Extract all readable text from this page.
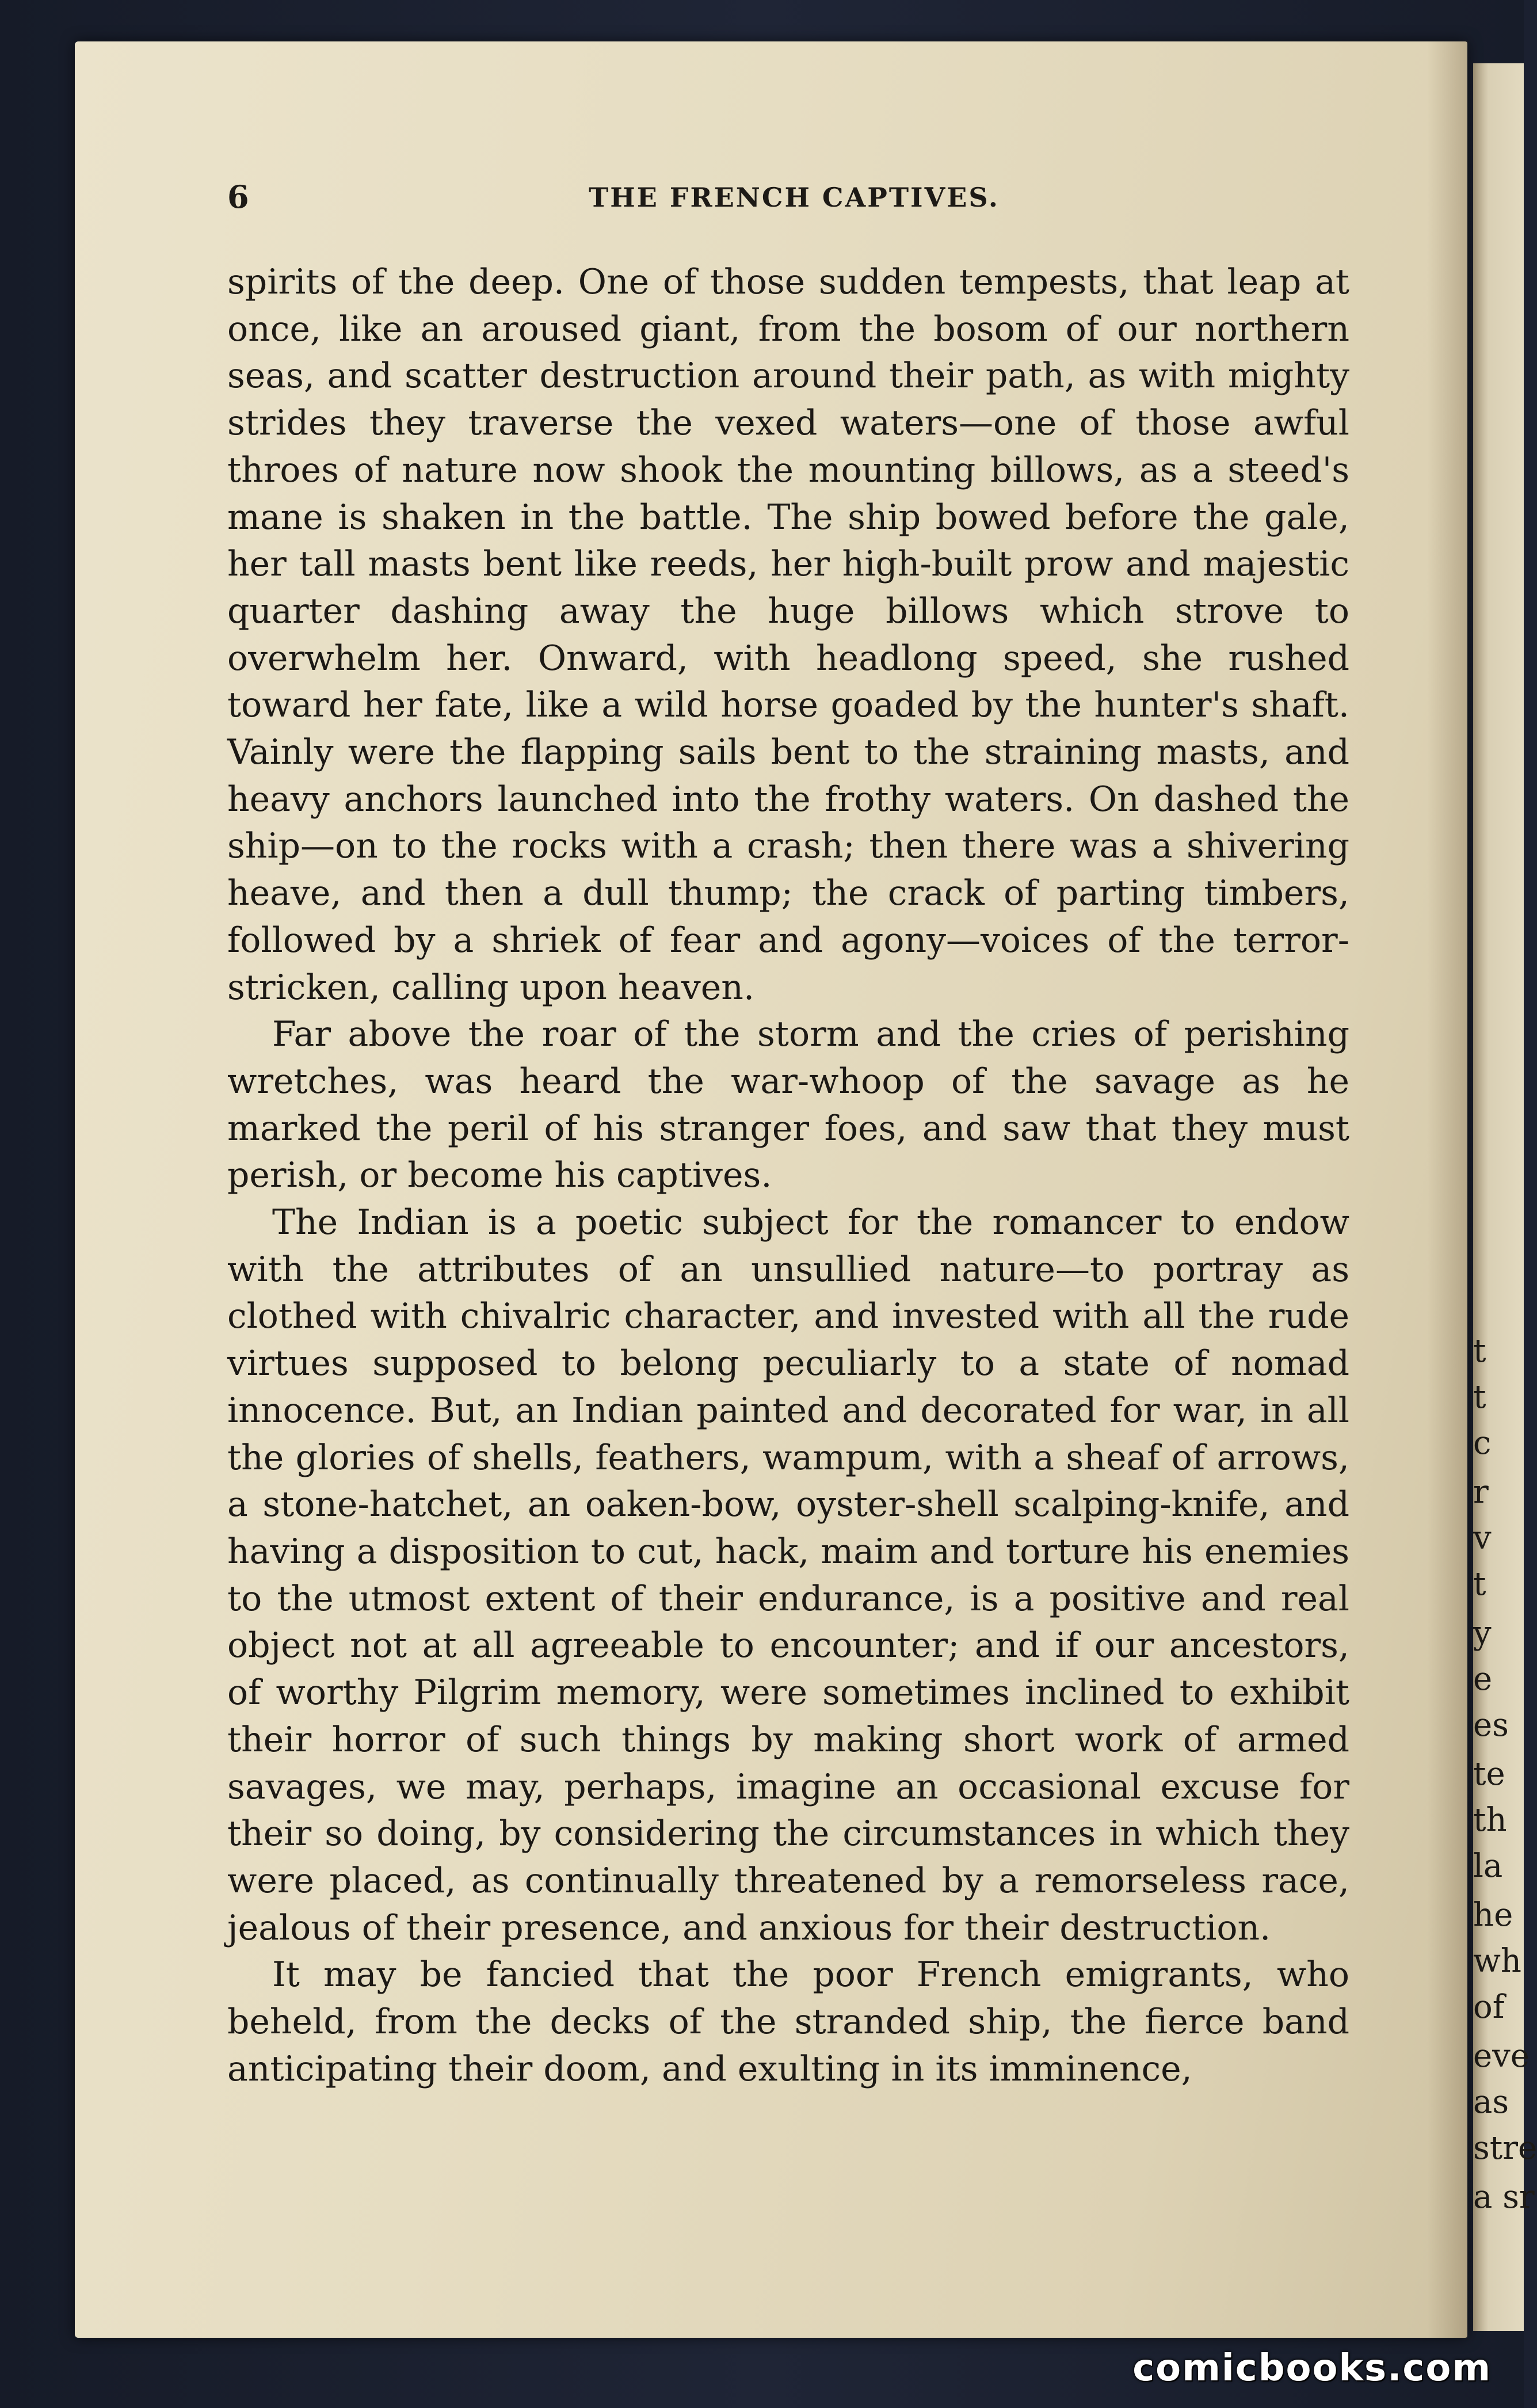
t
t
c
r
v
t
y
e
es
te
th
la
he
wh
of
eve
as
stre
a sr
6	THE FRENCH CAPTIVES.

spirits of the deep. One of those sudden tempests, that leap at once, like an aroused giant, from the bosom of our northern seas, and scatter destruction around their path, as with mighty strides they traverse the vexed waters—one of those awful throes of nature now shook the mounting billows, as a steed's mane is shaken in the battle. The ship bowed before the gale, her tall masts bent like reeds, her high-built prow and majestic quarter dashing away the huge billows which strove to overwhelm her. Onward, with headlong speed, she rushed toward her fate, like a wild horse goaded by the hunter's shaft. Vainly were the flapping sails bent to the straining masts, and heavy anchors launched into the frothy waters. On dashed the ship—on to the rocks with a crash; then there was a shivering heave, and then a dull thump; the crack of parting timbers, followed by a shriek of fear and agony—voices of the terror-stricken, calling upon heaven.

Far above the roar of the storm and the cries of perishing wretches, was heard the war-whoop of the savage as he marked the peril of his stranger foes, and saw that they must perish, or become his captives.

The Indian is a poetic subject for the romancer to endow with the attributes of an unsullied nature—to portray as clothed with chivalric character, and invested with all the rude virtues supposed to belong peculiarly to a state of nomad innocence. But, an Indian painted and decorated for war, in all the glories of shells, feathers, wampum, with a sheaf of arrows, a stone-hatchet, an oaken-bow, oyster-shell scalping-knife, and having a disposition to cut, hack, maim and torture his enemies to the utmost extent of their endurance, is a positive and real object not at all agreeable to encounter; and if our ancestors, of worthy Pilgrim memory, were sometimes inclined to exhibit their horror of such things by making short work of armed savages, we may, perhaps, imagine an occasional excuse for their so doing, by considering the circumstances in which they were placed, as continually threatened by a remorseless race, jealous of their presence, and anxious for their destruction.

It may be fancied that the poor French emigrants, who beheld, from the decks of the stranded ship, the fierce band anticipating their doom, and exulting in its imminence,

comicbooks.com
